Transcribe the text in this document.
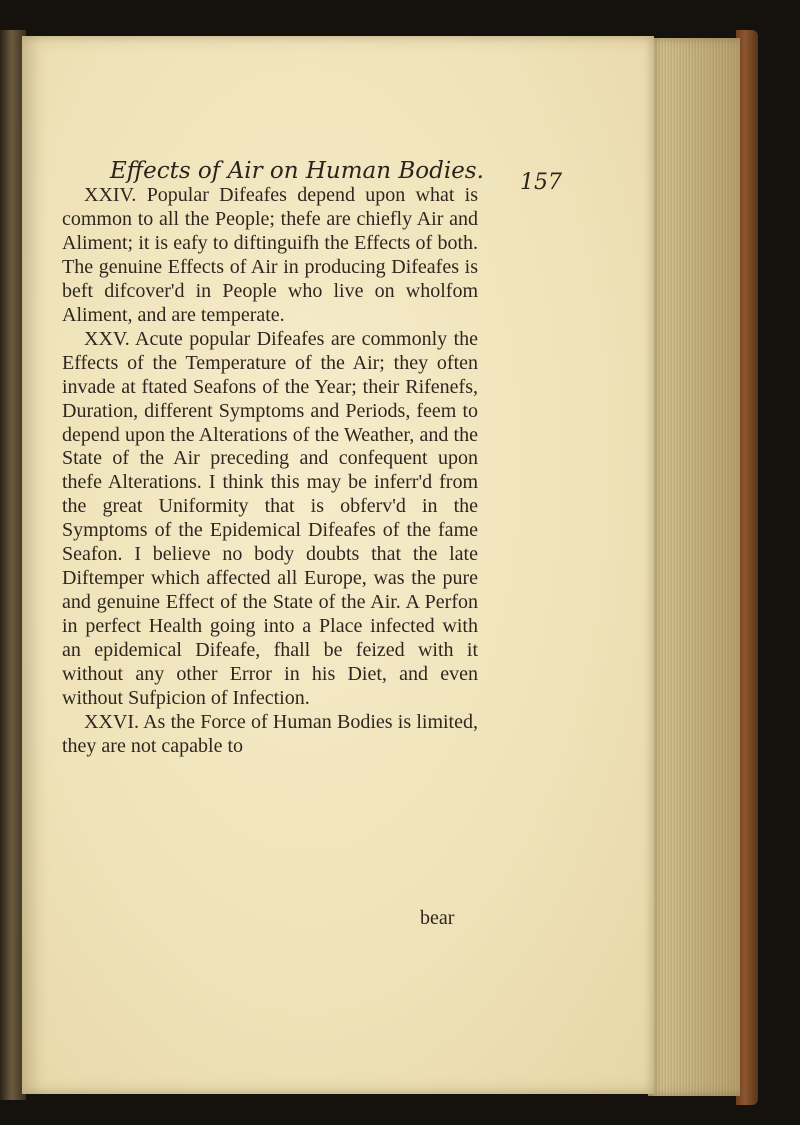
Effects of Air on Human Bodies.	157

XXIV. Popular Difeafes depend upon what is common to all the People; thefe are chiefly Air and Aliment; it is eafy to diftinguifh the Effects of both. The genuine Effects of Air in producing Difeafes is beft difcover'd in People who live on wholfom Aliment, and are temperate.

XXV. Acute popular Difeafes are commonly the Effects of the Temperature of the Air; they often invade at ftated Seafons of the Year; their Rifenefs, Duration, different Symptoms and Periods, feem to depend upon the Alterations of the Weather, and the State of the Air preceding and confequent upon thefe Alterations. I think this may be inferr'd from the great Uniformity that is obferv'd in the Symptoms of the Epidemical Difeafes of the fame Seafon. I believe no body doubts that the late Diftemper which affected all Europe, was the pure and genuine Effect of the State of the Air. A Perfon in perfect Health going into a Place infected with an epidemical Difeafe, fhall be feized with it without any other Error in his Diet, and even without Sufpicion of Infection.

XXVI. As the Force of Human Bodies is limited, they are not capable to

bear
